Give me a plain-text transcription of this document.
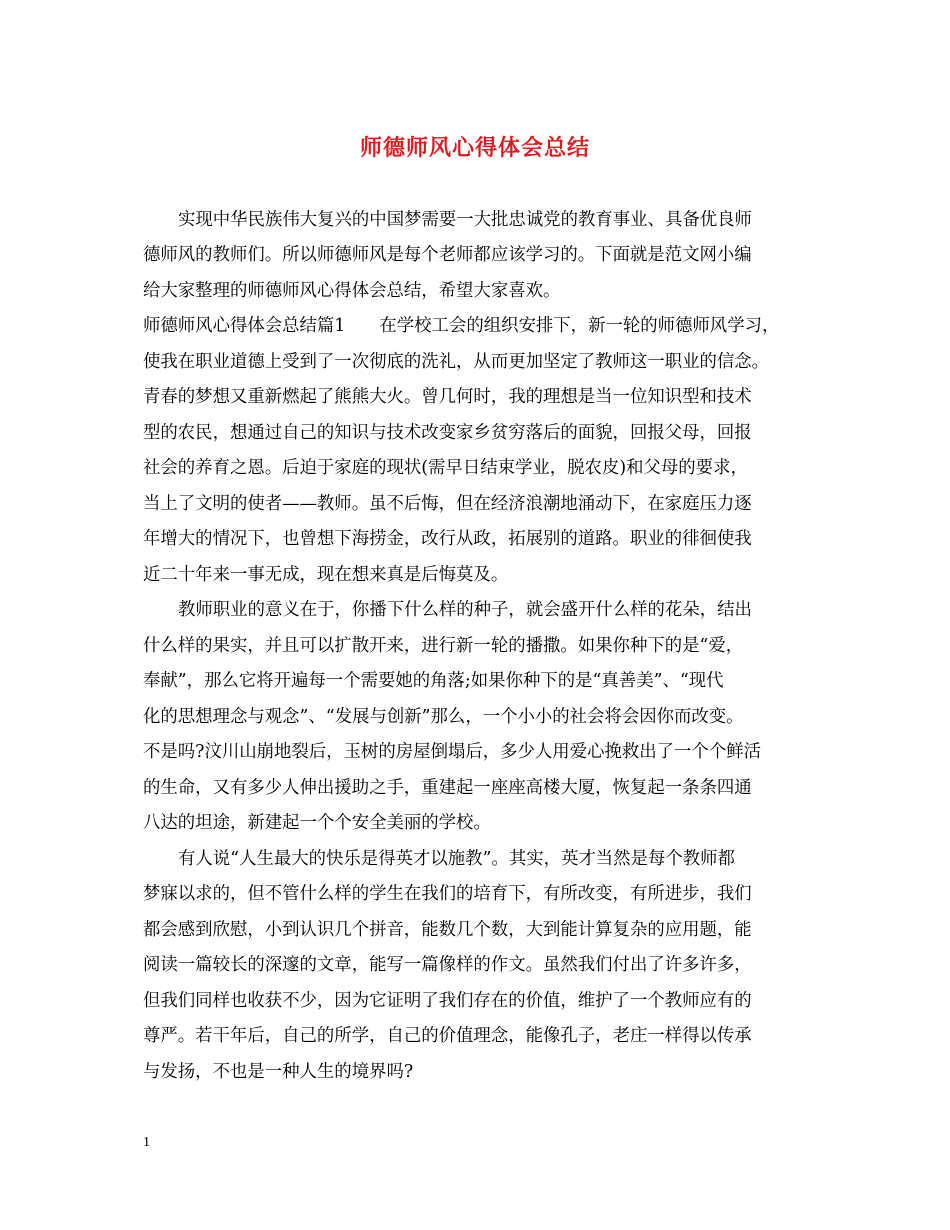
师德师风心得体会总结
实现中华民族伟大复兴的中国梦需要一大批忠诚党的教育事业、具备优良师
德师风的教师们。所以师德师风是每个老师都应该学习的。下面就是范文网小编
给大家整理的师德师风心得体会总结，希望大家喜欢。
师德师风心得体会总结篇1 在学校工会的组织安排下，新一轮的师德师风学习，
使我在职业道德上受到了一次彻底的洗礼，从而更加坚定了教师这一职业的信念。
青春的梦想又重新燃起了熊熊大火。曾几何时，我的理想是当一位知识型和技术
型的农民，想通过自己的知识与技术改变家乡贫穷落后的面貌，回报父母，回报
社会的养育之恩。后迫于家庭的现状(需早日结束学业，脱农皮)和父母的要求，
当上了文明的使者——教师。虽不后悔，但在经济浪潮地涌动下，在家庭压力逐
年增大的情况下，也曾想下海捞金，改行从政，拓展别的道路。职业的徘徊使我
近二十年来一事无成，现在想来真是后悔莫及。
教师职业的意义在于，你播下什么样的种子，就会盛开什么样的花朵，结出
什么样的果实，并且可以扩散开来，进行新一轮的播撒。如果你种下的是“爱，
奉献”，那么它将开遍每一个需要她的角落;如果你种下的是“真善美”、“现代
化的思想理念与观念”、“发展与创新”那么，一个小小的社会将会因你而改变。
不是吗?汶川山崩地裂后，玉树的房屋倒塌后，多少人用爱心挽救出了一个个鲜活
的生命，又有多少人伸出援助之手，重建起一座座高楼大厦，恢复起一条条四通
八达的坦途，新建起一个个安全美丽的学校。
有人说“人生最大的快乐是得英才以施教”。其实，英才当然是每个教师都
梦寐以求的，但不管什么样的学生在我们的培育下，有所改变，有所进步，我们
都会感到欣慰，小到认识几个拼音，能数几个数，大到能计算复杂的应用题，能
阅读一篇较长的深邃的文章，能写一篇像样的作文。虽然我们付出了许多许多，
但我们同样也收获不少，因为它证明了我们存在的价值，维护了一个教师应有的
尊严。若干年后，自己的所学，自己的价值理念，能像孔子，老庄一样得以传承
与发扬，不也是一种人生的境界吗?
1
